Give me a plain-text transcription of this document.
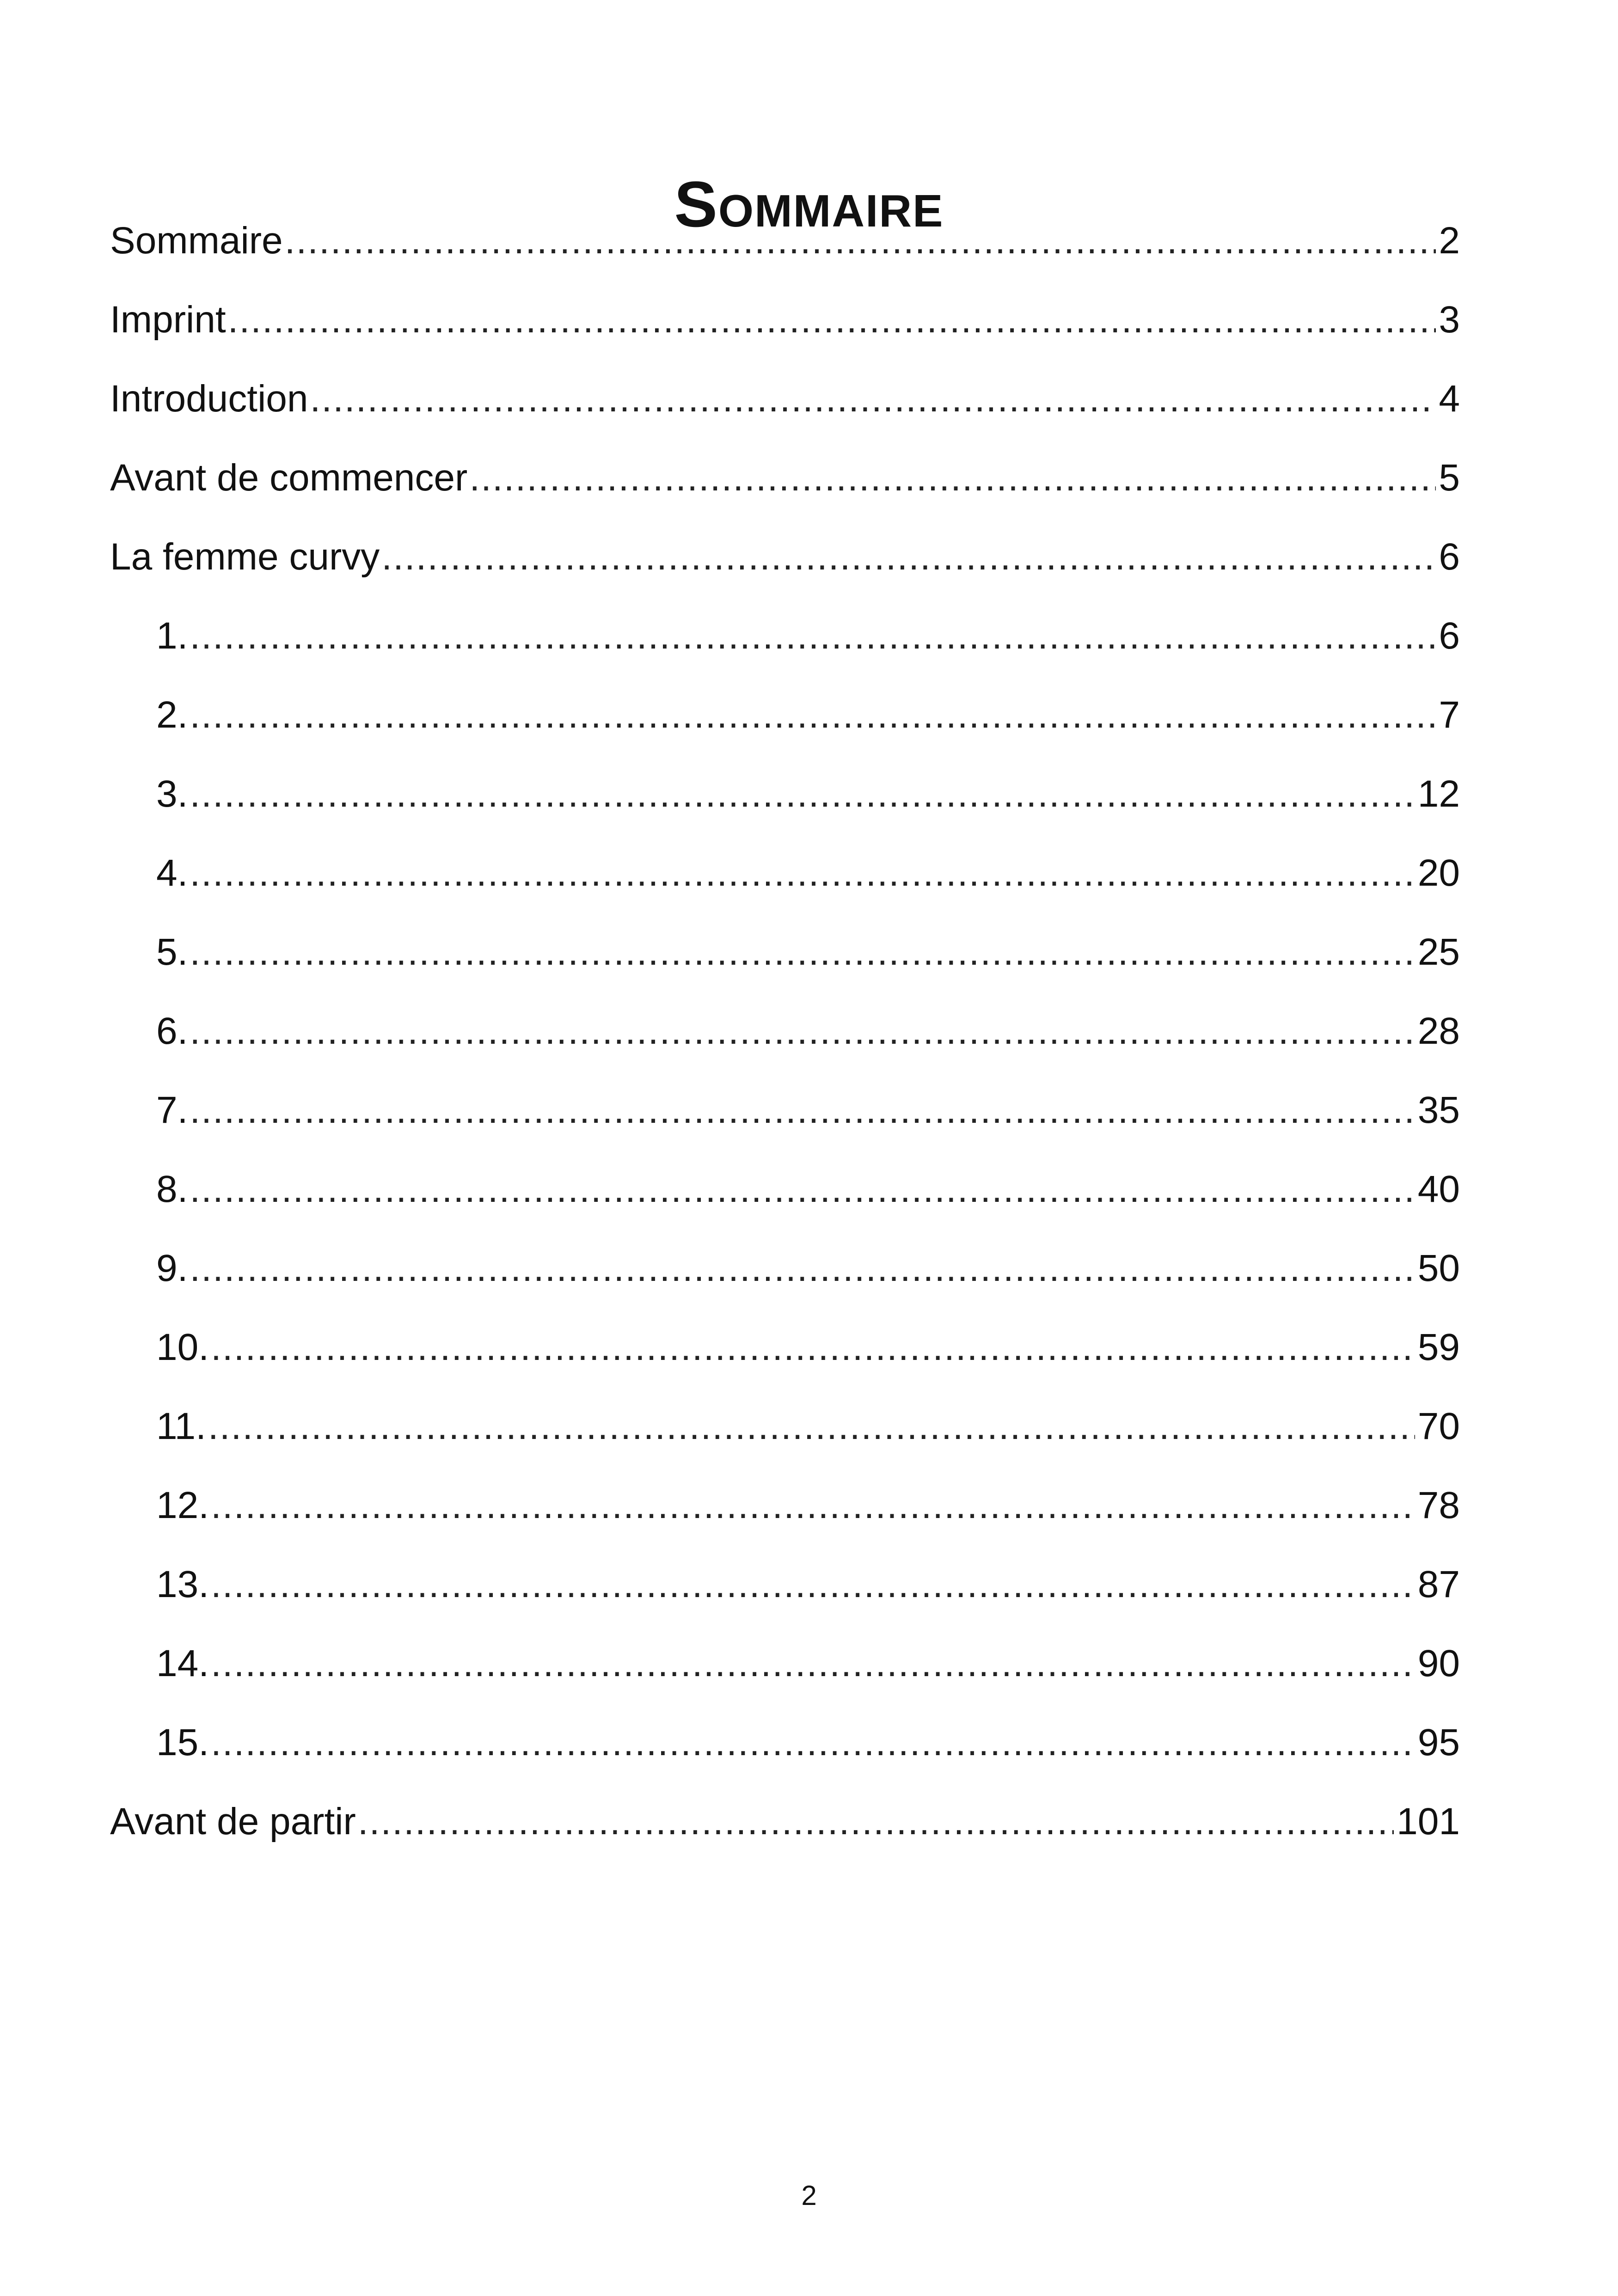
Sommaire
Sommaire .....	2
Imprint .....	3
Introduction .....	4
Avant de commencer .....	5
La femme curvy .....	6
1. .....	6
2. .....	7
3. .....	12
4. .....	20
5. .....	25
6. .....	28
7. .....	35
8. .....	40
9. .....	50
10. .....	59
11. .....	70
12. .....	78
13. .....	87
14. .....	90
15. .....	95
Avant de partir .....	101
2
